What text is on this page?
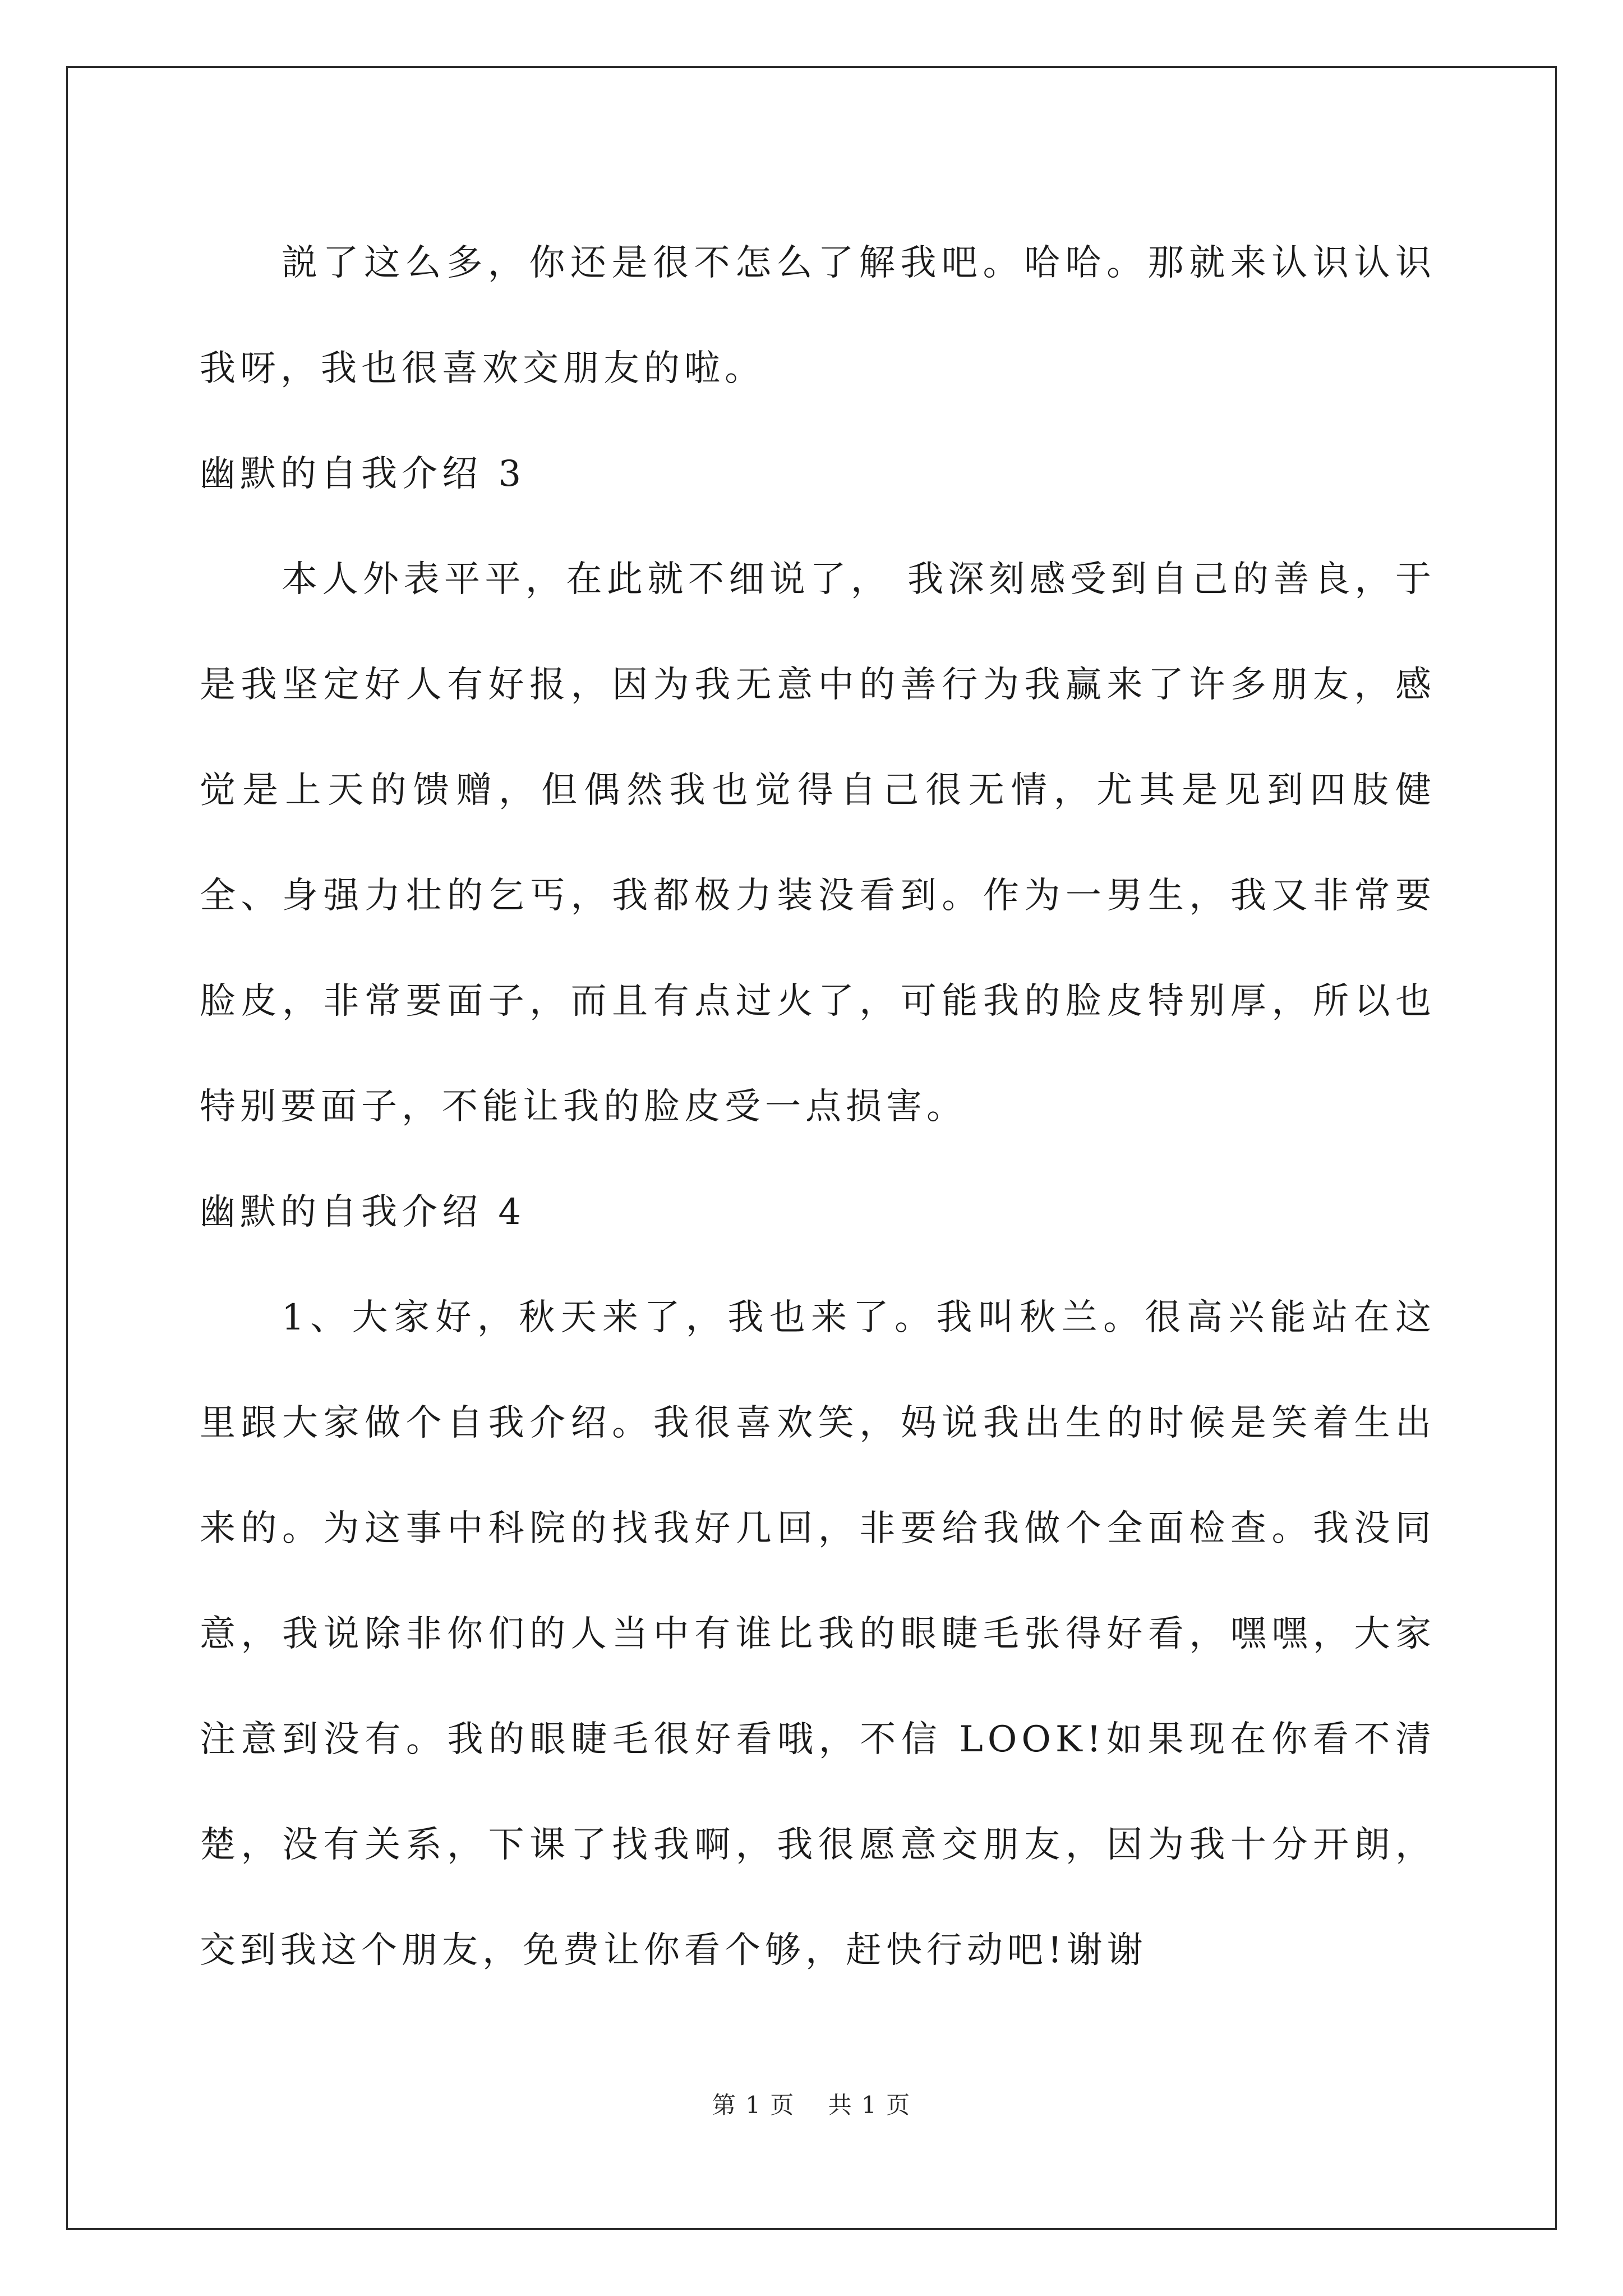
説了这么多，你还是很不怎么了解我吧。哈哈。那就来认识认识我呀，我也很喜欢交朋友的啦。

幽默的自我介绍 3

本人外表平平，在此就不细说了， 我深刻感受到自己的善良，于是我坚定好人有好报，因为我无意中的善行为我赢来了许多朋友，感觉是上天的馈赠，但偶然我也觉得自己很无情，尤其是见到四肢健全、身强力壮的乞丐，我都极力装没看到。作为一男生，我又非常要脸皮，非常要面子，而且有点过火了，可能我的脸皮特别厚，所以也特别要面子，不能让我的脸皮受一点损害。

幽默的自我介绍 4

1、大家好，秋天来了，我也来了。我叫秋兰。很高兴能站在这里跟大家做个自我介绍。我很喜欢笑，妈说我出生的时候是笑着生出来的。为这事中科院的找我好几回，非要给我做个全面检查。我没同意，我说除非你们的人当中有谁比我的眼睫毛张得好看，嘿嘿，大家注意到没有。我的眼睫毛很好看哦，不信 LOOK!如果现在你看不清楚，没有关系，下课了找我啊，我很愿意交朋友，因为我十分开朗，交到我这个朋友，免费让你看个够，赶快行动吧!谢谢

第 1 页 共 1 页
